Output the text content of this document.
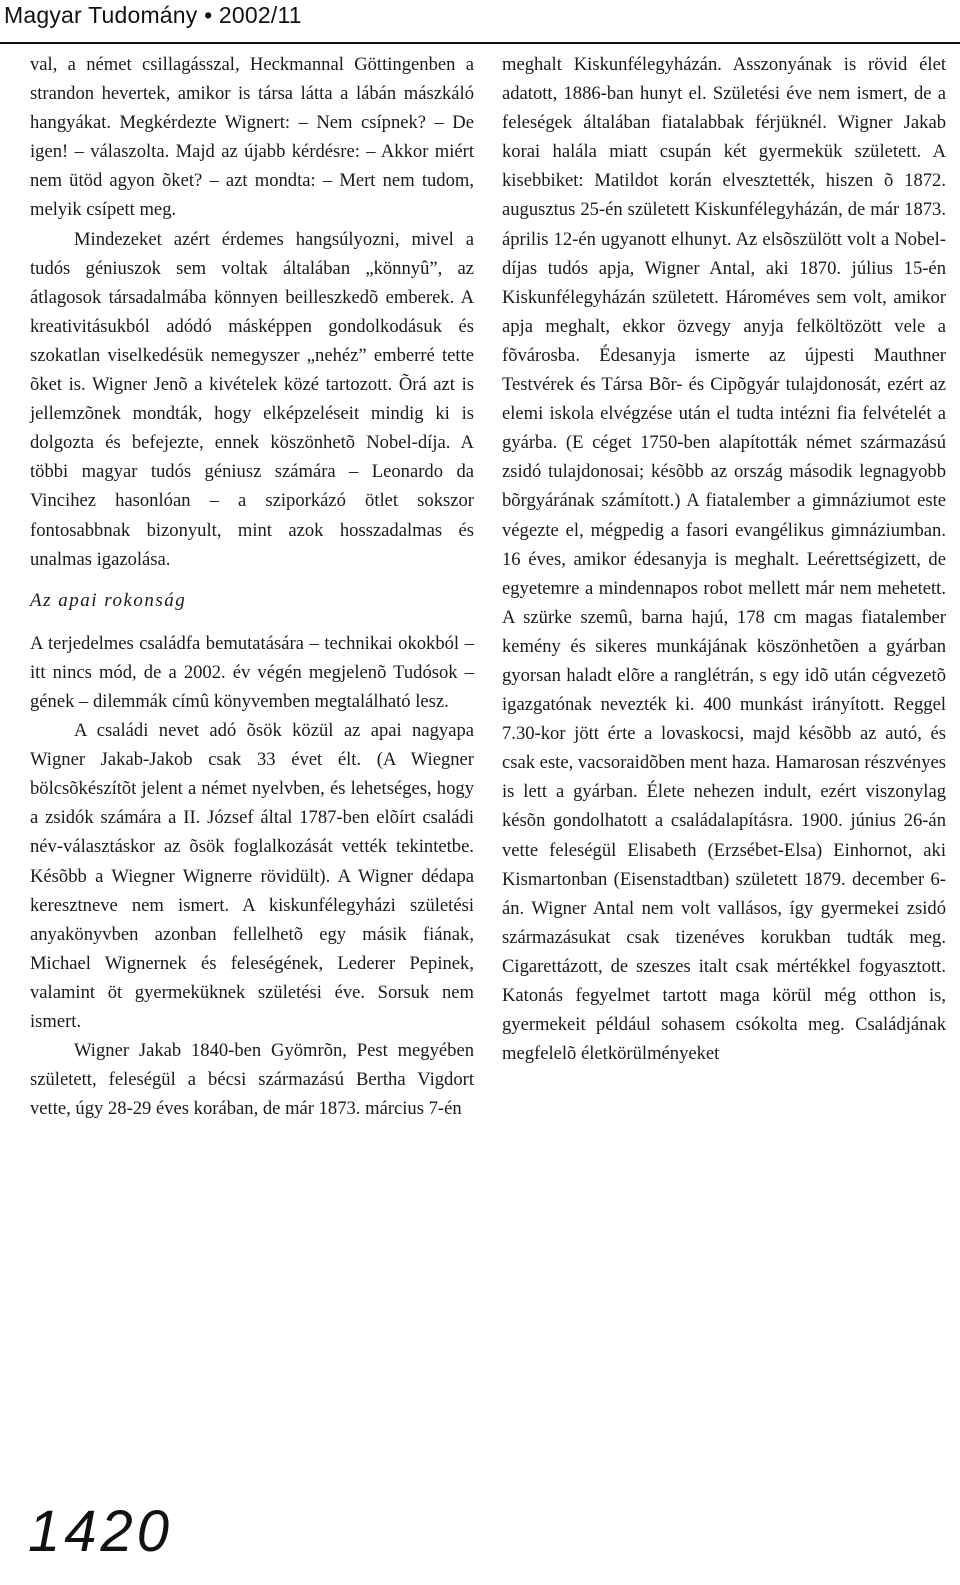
Magyar Tudomány • 2002/11

val, a német csillagásszal, Heckmannal Göttingenben a strandon hevertek, amikor is társa látta a lábán mászkáló hangyákat. Megkérdezte Wignert: – Nem csípnek? – De igen! – válaszolta. Majd az újabb kérdésre: – Akkor miért nem ütöd agyon õket? – azt mondta: – Mert nem tudom, melyik csípett meg.

Mindezeket azért érdemes hangsúlyozni, mivel a tudós géniuszok sem voltak általában „könnyû”, az átlagosok társadalmába könnyen beilleszkedõ emberek. A kreativitásukból adódó másképpen gondolkodásuk és szokatlan viselkedésük nemegyszer „nehéz” emberré tette õket is. Wigner Jenõ a kivételek közé tartozott. Õrá azt is jellemzõnek mondták, hogy elképzeléseit mindig ki is dolgozta és befejezte, ennek köszönhetõ Nobel-díja. A többi magyar tudós géniusz számára – Leonardo da Vincihez hasonlóan – a sziporkázó ötlet sokszor fontosabbnak bizonyult, mint azok hosszadalmas és unalmas igazolása.

Az apai rokonság

A terjedelmes családfa bemutatására – technikai okokból – itt nincs mód, de a 2002. év végén megjelenõ Tudósok – gének – dilemmák címû könyvemben megtalálható lesz.

A családi nevet adó õsök közül az apai nagyapa Wigner Jakab-Jakob csak 33 évet élt. (A Wiegner bölcsõkészítõt jelent a német nyelvben, és lehetséges, hogy a zsidók számára a II. József által 1787-ben elõírt családi név-választáskor az õsök foglalkozását vették tekintetbe. Késõbb a Wiegner Wignerre rövidült). A Wigner dédapa keresztneve nem ismert. A kiskunfélegyházi születési anyakönyvben azonban fellelhetõ egy másik fiának, Michael Wignernek és feleségének, Lederer Pepinek, valamint öt gyermeküknek születési éve. Sorsuk nem ismert.

Wigner Jakab 1840-ben Gyömrõn, Pest megyében született, feleségül a bécsi származású Bertha Vigdort vette, úgy 28-29 éves korában, de már 1873. március 7-én

meghalt Kiskunfélegyházán. Asszonyának is rövid élet adatott, 1886-ban hunyt el. Születési éve nem ismert, de a feleségek általában fiatalabbak férjüknél. Wigner Jakab korai halála miatt csupán két gyermekük született. A kisebbiket: Matildot korán elvesztették, hiszen õ 1872. augusztus 25-én született Kiskunfélegyházán, de már 1873. április 12-én ugyanott elhunyt. Az elsõszülött volt a Nobel-díjas tudós apja, Wigner Antal, aki 1870. július 15-én Kiskunfélegyházán született. Hároméves sem volt, amikor apja meghalt, ekkor özvegy anyja felköltözött vele a fõvárosba. Édesanyja ismerte az újpesti Mauthner Testvérek és Társa Bõr- és Cipõgyár tulajdonosát, ezért az elemi iskola elvégzése után el tudta intézni fia felvételét a gyárba. (E céget 1750-ben alapították német származású zsidó tulajdonosai; késõbb az ország második legnagyobb bõrgyárának számított.) A fiatalember a gimnáziumot este végezte el, mégpedig a fasori evangélikus gimnáziumban. 16 éves, amikor édesanyja is meghalt. Leérettségizett, de egyetemre a mindennapos robot mellett már nem mehetett. A szürke szemû, barna hajú, 178 cm magas fiatalember kemény és sikeres munkájának köszönhetõen a gyárban gyorsan haladt elõre a ranglétrán, s egy idõ után cégvezetõ igazgatónak nevezték ki. 400 munkást irányított. Reggel 7.30-kor jött érte a lovaskocsi, majd késõbb az autó, és csak este, vacsoraidõben ment haza. Hamarosan részvényes is lett a gyárban. Élete nehezen indult, ezért viszonylag késõn gondolhatott a családalapításra. 1900. június 26-án vette feleségül Elisabeth (Erzsébet-Elsa) Einhornot, aki Kismartonban (Eisenstadtban) született 1879. december 6-án. Wigner Antal nem volt vallásos, így gyermekei zsidó származásukat csak tizenéves korukban tudták meg. Cigarettázott, de szeszes italt csak mértékkel fogyasztott. Katonás fegyelmet tartott maga körül még otthon is, gyermekeit például sohasem csókolta meg. Családjának megfelelõ életkörülményeket

1420
